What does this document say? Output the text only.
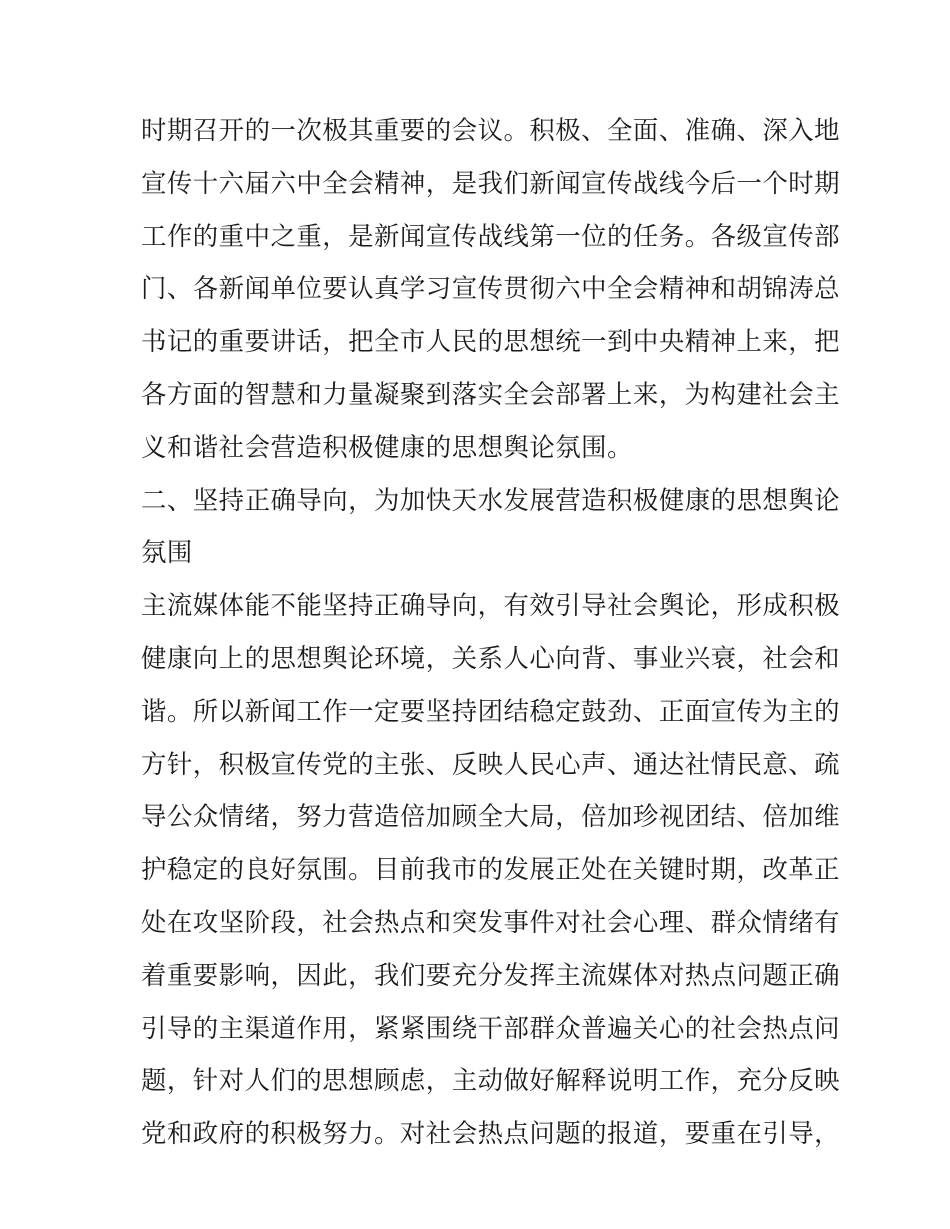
时期召开的一次极其重要的会议。积极、全面、准确、深入地
宣传十六届六中全会精神，是我们新闻宣传战线今后一个时期
工作的重中之重，是新闻宣传战线第一位的任务。各级宣传部
门、各新闻单位要认真学习宣传贯彻六中全会精神和胡锦涛总
书记的重要讲话，把全市人民的思想统一到中央精神上来，把
各方面的智慧和力量凝聚到落实全会部署上来，为构建社会主
义和谐社会营造积极健康的思想舆论氛围。
二、坚持正确导向，为加快天水发展营造积极健康的思想舆论
氛围
主流媒体能不能坚持正确导向，有效引导社会舆论，形成积极
健康向上的思想舆论环境，关系人心向背、事业兴衰，社会和
谐。所以新闻工作一定要坚持团结稳定鼓劲、正面宣传为主的
方针，积极宣传党的主张、反映人民心声、通达社情民意、疏
导公众情绪，努力营造倍加顾全大局，倍加珍视团结、倍加维
护稳定的良好氛围。目前我市的发展正处在关键时期，改革正
处在攻坚阶段，社会热点和突发事件对社会心理、群众情绪有
着重要影响，因此，我们要充分发挥主流媒体对热点问题正确
引导的主渠道作用，紧紧围绕干部群众普遍关心的社会热点问
题，针对人们的思想顾虑，主动做好解释说明工作，充分反映
党和政府的积极努力。对社会热点问题的报道，要重在引导，
